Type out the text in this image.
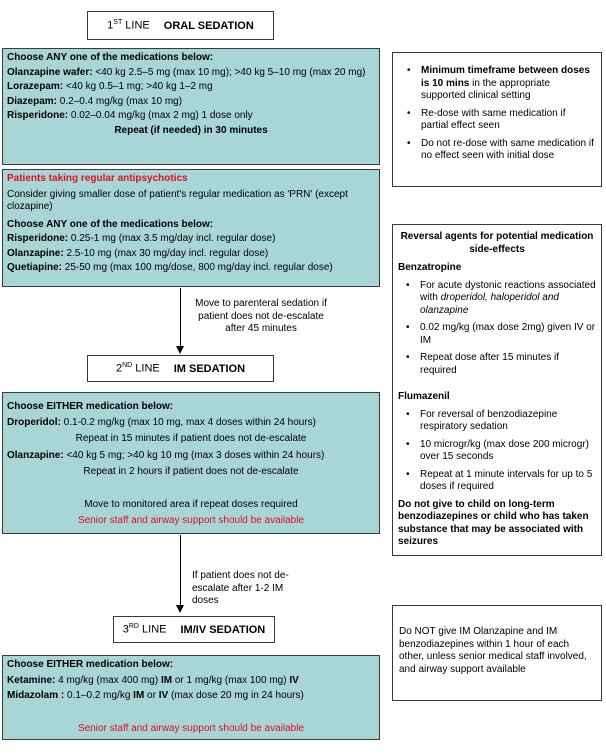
1ST LINE ORAL SEDATION

Choose ANY one of the medications below:

Olanzapine wafer: <40 kg 2.5–5 mg (max 10 mg); >40 kg 5–10 mg (max 20 mg)

Lorazepam: <40 kg 0.5–1 mg; >40 kg 1–2 mg

Diazepam: 0.2–0.4 mg/kg (max 10 mg)

Risperidone: 0.02–0.04 mg/kg (max 2 mg) 1 dose only

Repeat (if needed) in 30 minutes

Patients taking regular antipsychotics

Consider giving smaller dose of patient's regular medication as 'PRN' (except clozapine)

Choose ANY one of the medications below:

Risperidone: 0.25-1 mg (max 3.5 mg/day incl. regular dose)

Olanzapine: 2.5-10 mg (max 30 mg/day incl. regular dose)

Quetiapine: 25-50 mg (max 100 mg/dose, 800 mg/day incl. regular dose)

Move to parenteral sedation if patient does not de-escalate after 45 minutes
2ND LINE IM SEDATION

Choose EITHER medication below:

Droperidol: 0.1-0.2 mg/kg (max 10 mg, max 4 doses within 24 hours)

Repeat in 15 minutes if patient does not de-escalate

Olanzapine: <40 kg 5 mg; >40 kg 10 mg (max 3 doses within 24 hours)

Repeat in 2 hours if patient does not de-escalate

Move to monitored area if repeat doses required

Senior staff and airway support should be available

If patient does not de-escalate after 1-2 IM doses
3RD LINE IM/IV SEDATION

Choose EITHER medication below:

Ketamine: 4 mg/kg (max 400 mg) IM or 1 mg/kg (max 100 mg) IV

Midazolam : 0.1–0.2 mg/kg IM or IV (max dose 20 mg in 24 hours)

Senior staff and airway support should be available

• Minimum timeframe between doses is 10 mins in the appropriate supported clinical setting
• Re-dose with same medication if partial effect seen
• Do not re-dose with same medication if no effect seen with initial dose

Reversal agents for potential medication side-effects

Benzatropine

• For acute dystonic reactions associated with droperidol, haloperidol and olanzapine
• 0.02 mg/kg (max dose 2mg) given IV or IM
• Repeat dose after 15 minutes if required

Flumazenil

• For reversal of benzodiazepine respiratory sedation
• 10 microgr/kg (max dose 200 microgr) over 15 seconds
• Repeat at 1 minute intervals for up to 5 doses if required

Do not give to child on long-term benzodiazepines or child who has taken substance that may be associated with seizures

Do NOT give IM Olanzapine and IM benzodiazepines within 1 hour of each other, unless senior medical staff involved, and airway support available
